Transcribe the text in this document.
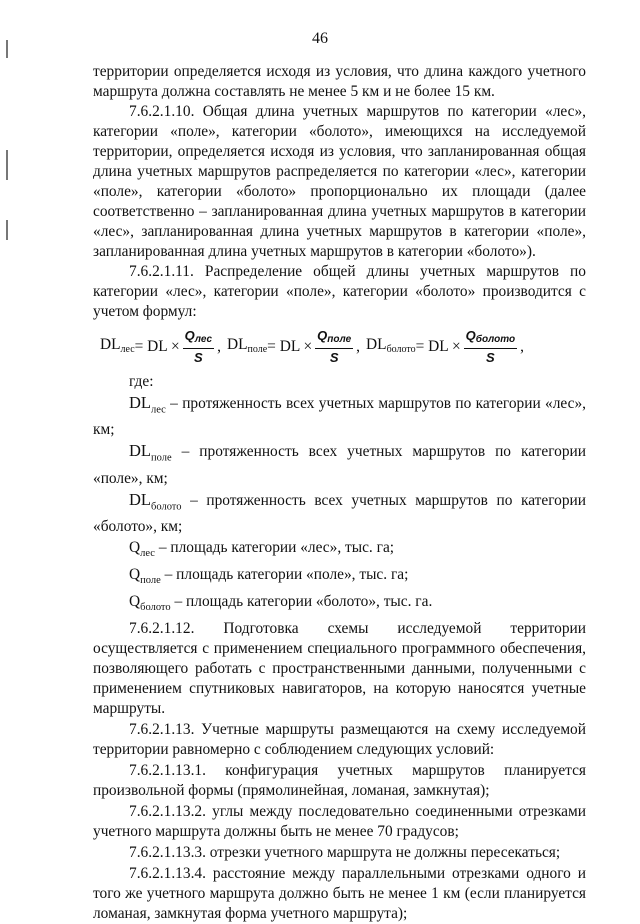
46

территории определяется исходя из условия, что длина каждого учетного маршрута должна составлять не менее 5 км и не более 15 км.

7.6.2.1.10. Общая длина учетных маршрутов по категории «лес», категории «поле», категории «болото», имеющихся на исследуемой территории, определяется исходя из условия, что запланированная общая длина учетных маршрутов распределяется по категории «лес», категории «поле», категории «болото» пропорционально их площади (далее соответственно – запланированная длина учетных маршрутов в категории «лес», запланированная длина учетных маршрутов в категории «поле», запланированная длина учетных маршрутов в категории «болото»).

7.6.2.1.11. Распределение общей длины учетных маршрутов по категории «лес», категории «поле», категории «болото» производится с учетом формул:

$DL_{лес}$ = DL × $\frac{Q_{лес}}{S}$ , $DL_{поле}$ = DL × $\frac{Q_{поле}}{S}$ , $DL_{болото}$ = DL × $\frac{Q_{болото}}{S}$ ,

где:

$DL_{лес}$ – протяженность всех учетных маршрутов по категории «лес», км;

$DL_{поле}$ – протяженность всех учетных маршрутов по категории «поле», км;

$DL_{болото}$ – протяженность всех учетных маршрутов по категории «болото», км;

$Q_{лес}$ – площадь категории «лес», тыс. га;

$Q_{поле}$ – площадь категории «поле», тыс. га;

$Q_{болото}$ – площадь категории «болото», тыс. га.

7.6.2.1.12. Подготовка схемы исследуемой территории осуществляется с применением специального программного обеспечения, позволяющего работать с пространственными данными, полученными с применением спутниковых навигаторов, на которую наносятся учетные маршруты.

7.6.2.1.13. Учетные маршруты размещаются на схему исследуемой территории равномерно с соблюдением следующих условий:

7.6.2.1.13.1. конфигурация учетных маршрутов планируется произвольной формы (прямолинейная, ломаная, замкнутая);

7.6.2.1.13.2. углы между последовательно соединенными отрезками учетного маршрута должны быть не менее 70 градусов;

7.6.2.1.13.3. отрезки учетного маршрута не должны пересекаться;

7.6.2.1.13.4. расстояние между параллельными отрезками одного и того же учетного маршрута должно быть не менее 1 км (если планируется ломаная, замкнутая форма учетного маршрута);
